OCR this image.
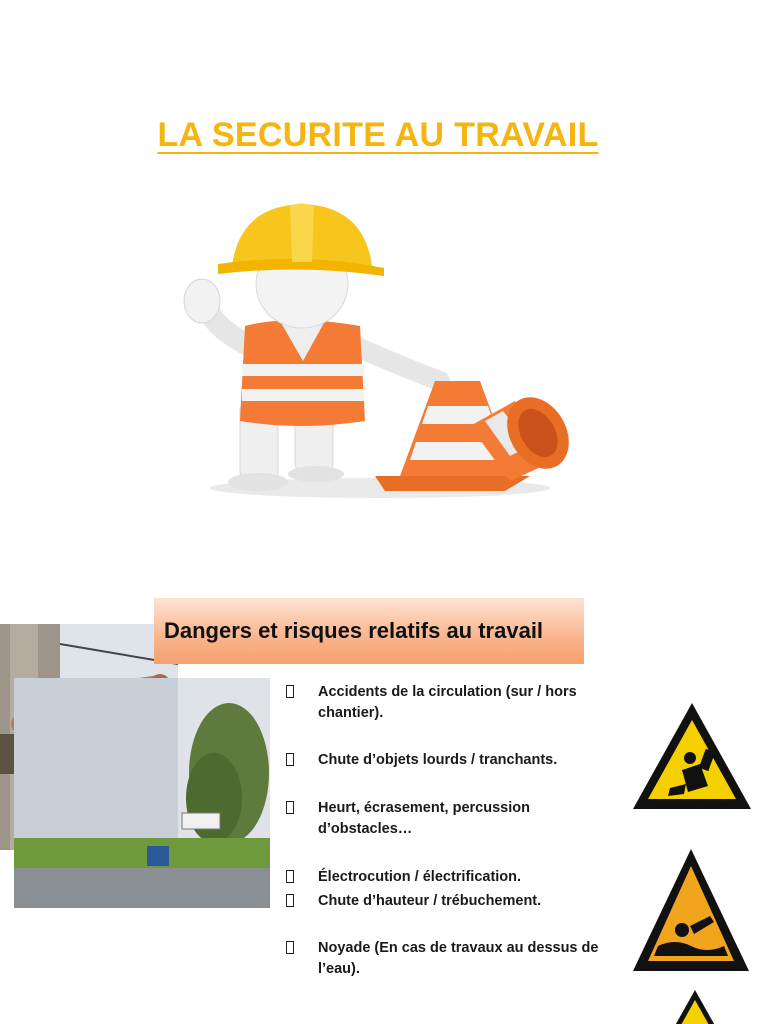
LA SECURITE AU TRAVAIL
Dangers et risques relatifs au travail
Accidents de la circulation (sur / hors chantier).
Chute d’objets lourds / tranchants.
Heurt, écrasement, percussion d’obstacles…
Électrocution / électrification.
Chute d’hauteur / trébuchement.
Noyade (En cas de travaux au dessus de l’eau).
